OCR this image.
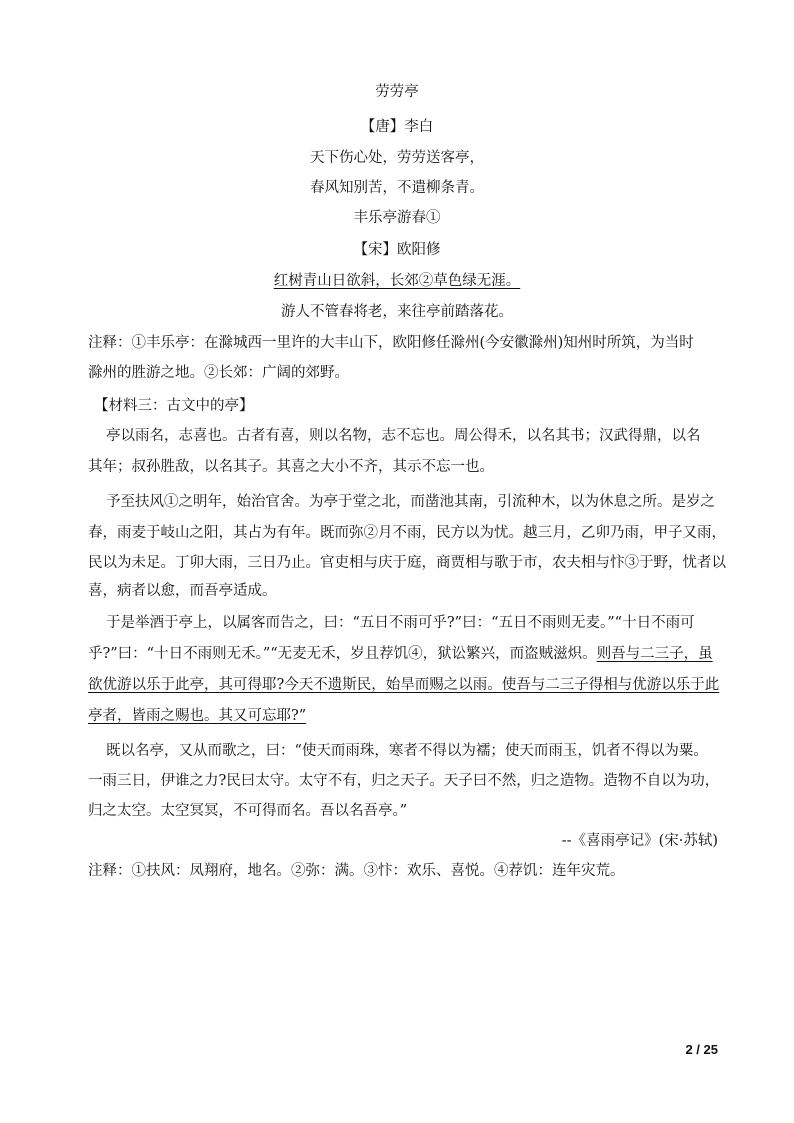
劳劳亭
【唐】李白
天下伤心处，劳劳送客亭，
春风知别苦，不遣柳条青。
丰乐亭游春①
【宋】欧阳修
红树青山日欲斜，长郊②草色绿无涯。
游人不管春将老，来往亭前踏落花。
注释：①丰乐亭：在滁城西一里许的大丰山下，欧阳修任滁州(今安徽滁州)知州时所筑，为当时
滁州的胜游之地。②长郊：广阔的郊野。
【材料三：古文中的亭】
亭以雨名，志喜也。古者有喜，则以名物，志不忘也。周公得禾，以名其书；汉武得鼎，以名
其年；叔孙胜敌，以名其子。其喜之大小不齐，其示不忘一也。
予至扶风①之明年，始治官舍。为亭于堂之北，而凿池其南，引流种木，以为休息之所。是岁之
春，雨麦于岐山之阳，其占为有年。既而弥②月不雨，民方以为忧。越三月，乙卯乃雨，甲子又雨，
民以为未足。丁卯大雨，三日乃止。官吏相与庆于庭，商贾相与歌于市，农夫相与忭③于野，忧者以
喜，病者以愈，而吾亭适成。
于是举酒于亭上，以属客而告之，曰：“五日不雨可乎?”曰：“五日不雨则无麦。”“十日不雨可
乎?”曰：“十日不雨则无禾。”“无麦无禾，岁且荐饥④，狱讼繁兴，而盗贼滋炽。则吾与二三子，虽
欲优游以乐于此亭，其可得耶?今天不遗斯民，始旱而赐之以雨。使吾与二三子得相与优游以乐于此
亭者，皆雨之赐也。其又可忘耶?”
既以名亭，又从而歌之，曰：“使天而雨珠，寒者不得以为襦；使天而雨玉，饥者不得以为粟。
一雨三日，伊谁之力?民曰太守。太守不有，归之天子。天子曰不然，归之造物。造物不自以为功，
归之太空。太空冥冥，不可得而名。吾以名吾亭。”
--《喜雨亭记》(宋·苏轼)
注释：①扶风：凤翔府，地名。②弥：满。③忭：欢乐、喜悦。④荐饥：连年灾荒。
2 / 25
